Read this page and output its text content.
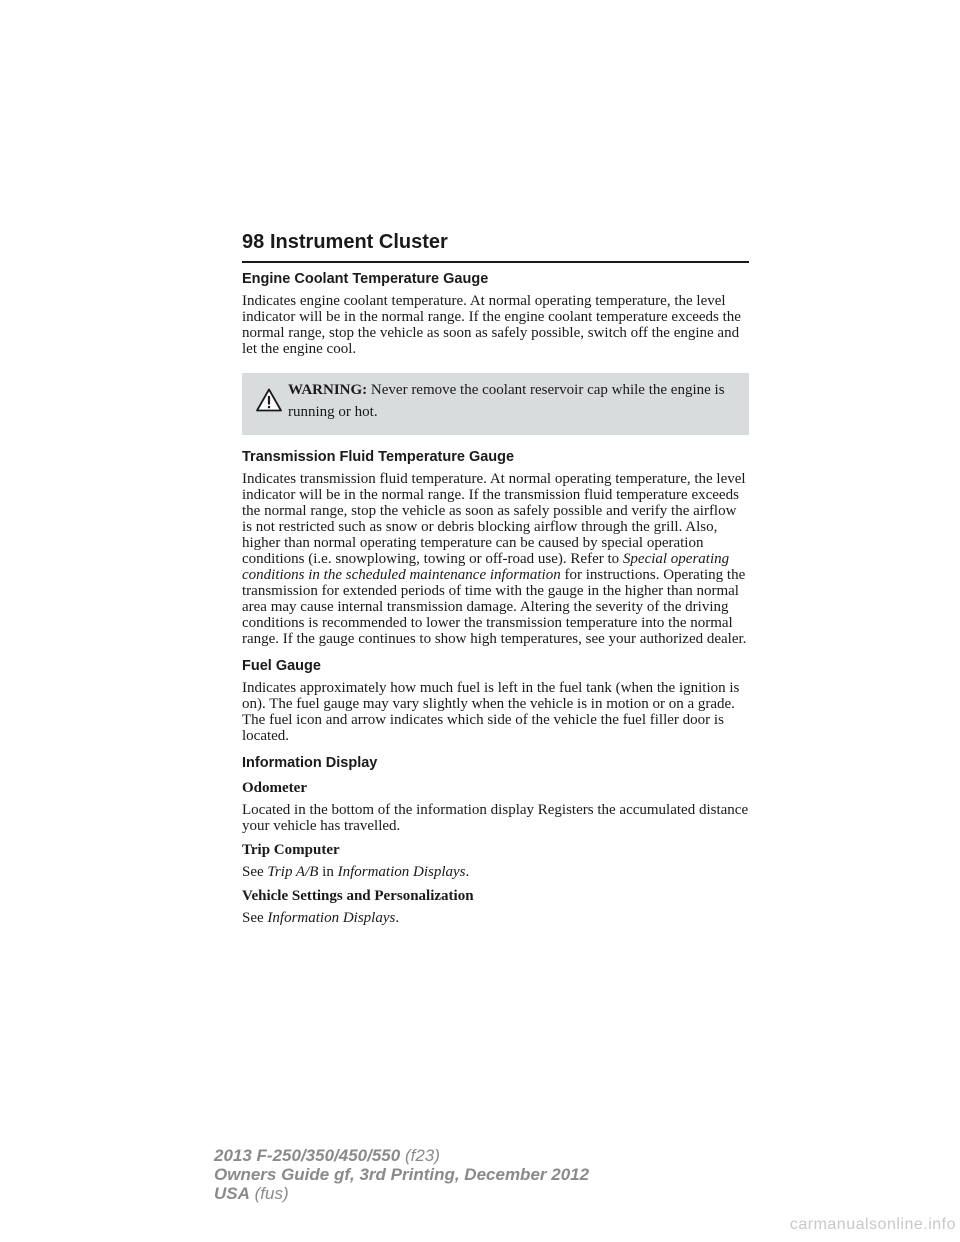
98 Instrument Cluster
Engine Coolant Temperature Gauge

Indicates engine coolant temperature. At normal operating temperature, the level indicator will be in the normal range. If the engine coolant temperature exceeds the normal range, stop the vehicle as soon as safely possible, switch off the engine and let the engine cool.

WARNING: Never remove the coolant reservoir cap while the engine is running or hot.
Transmission Fluid Temperature Gauge

Indicates transmission fluid temperature. At normal operating temperature, the level indicator will be in the normal range. If the transmission fluid temperature exceeds the normal range, stop the vehicle as soon as safely possible and verify the airflow is not restricted such as snow or debris blocking airflow through the grill. Also, higher than normal operating temperature can be caused by special operation conditions (i.e. snowplowing, towing or off-road use). Refer to Special operating conditions in the scheduled maintenance information for instructions. Operating the transmission for extended periods of time with the gauge in the higher than normal area may cause internal transmission damage. Altering the severity of the driving conditions is recommended to lower the transmission temperature into the normal range. If the gauge continues to show high temperatures, see your authorized dealer.

Fuel Gauge

Indicates approximately how much fuel is left in the fuel tank (when the ignition is on). The fuel gauge may vary slightly when the vehicle is in motion or on a grade. The fuel icon and arrow indicates which side of the vehicle the fuel filler door is located.

Information Display
Odometer

Located in the bottom of the information display Registers the accumulated distance your vehicle has travelled.

Trip Computer

See Trip A/B in Information Displays.

Vehicle Settings and Personalization

See Information Displays.

2013 F-250/350/450/550 (f23)
Owners Guide gf, 3rd Printing, December 2012
USA (fus)
carmanualsonline.info
